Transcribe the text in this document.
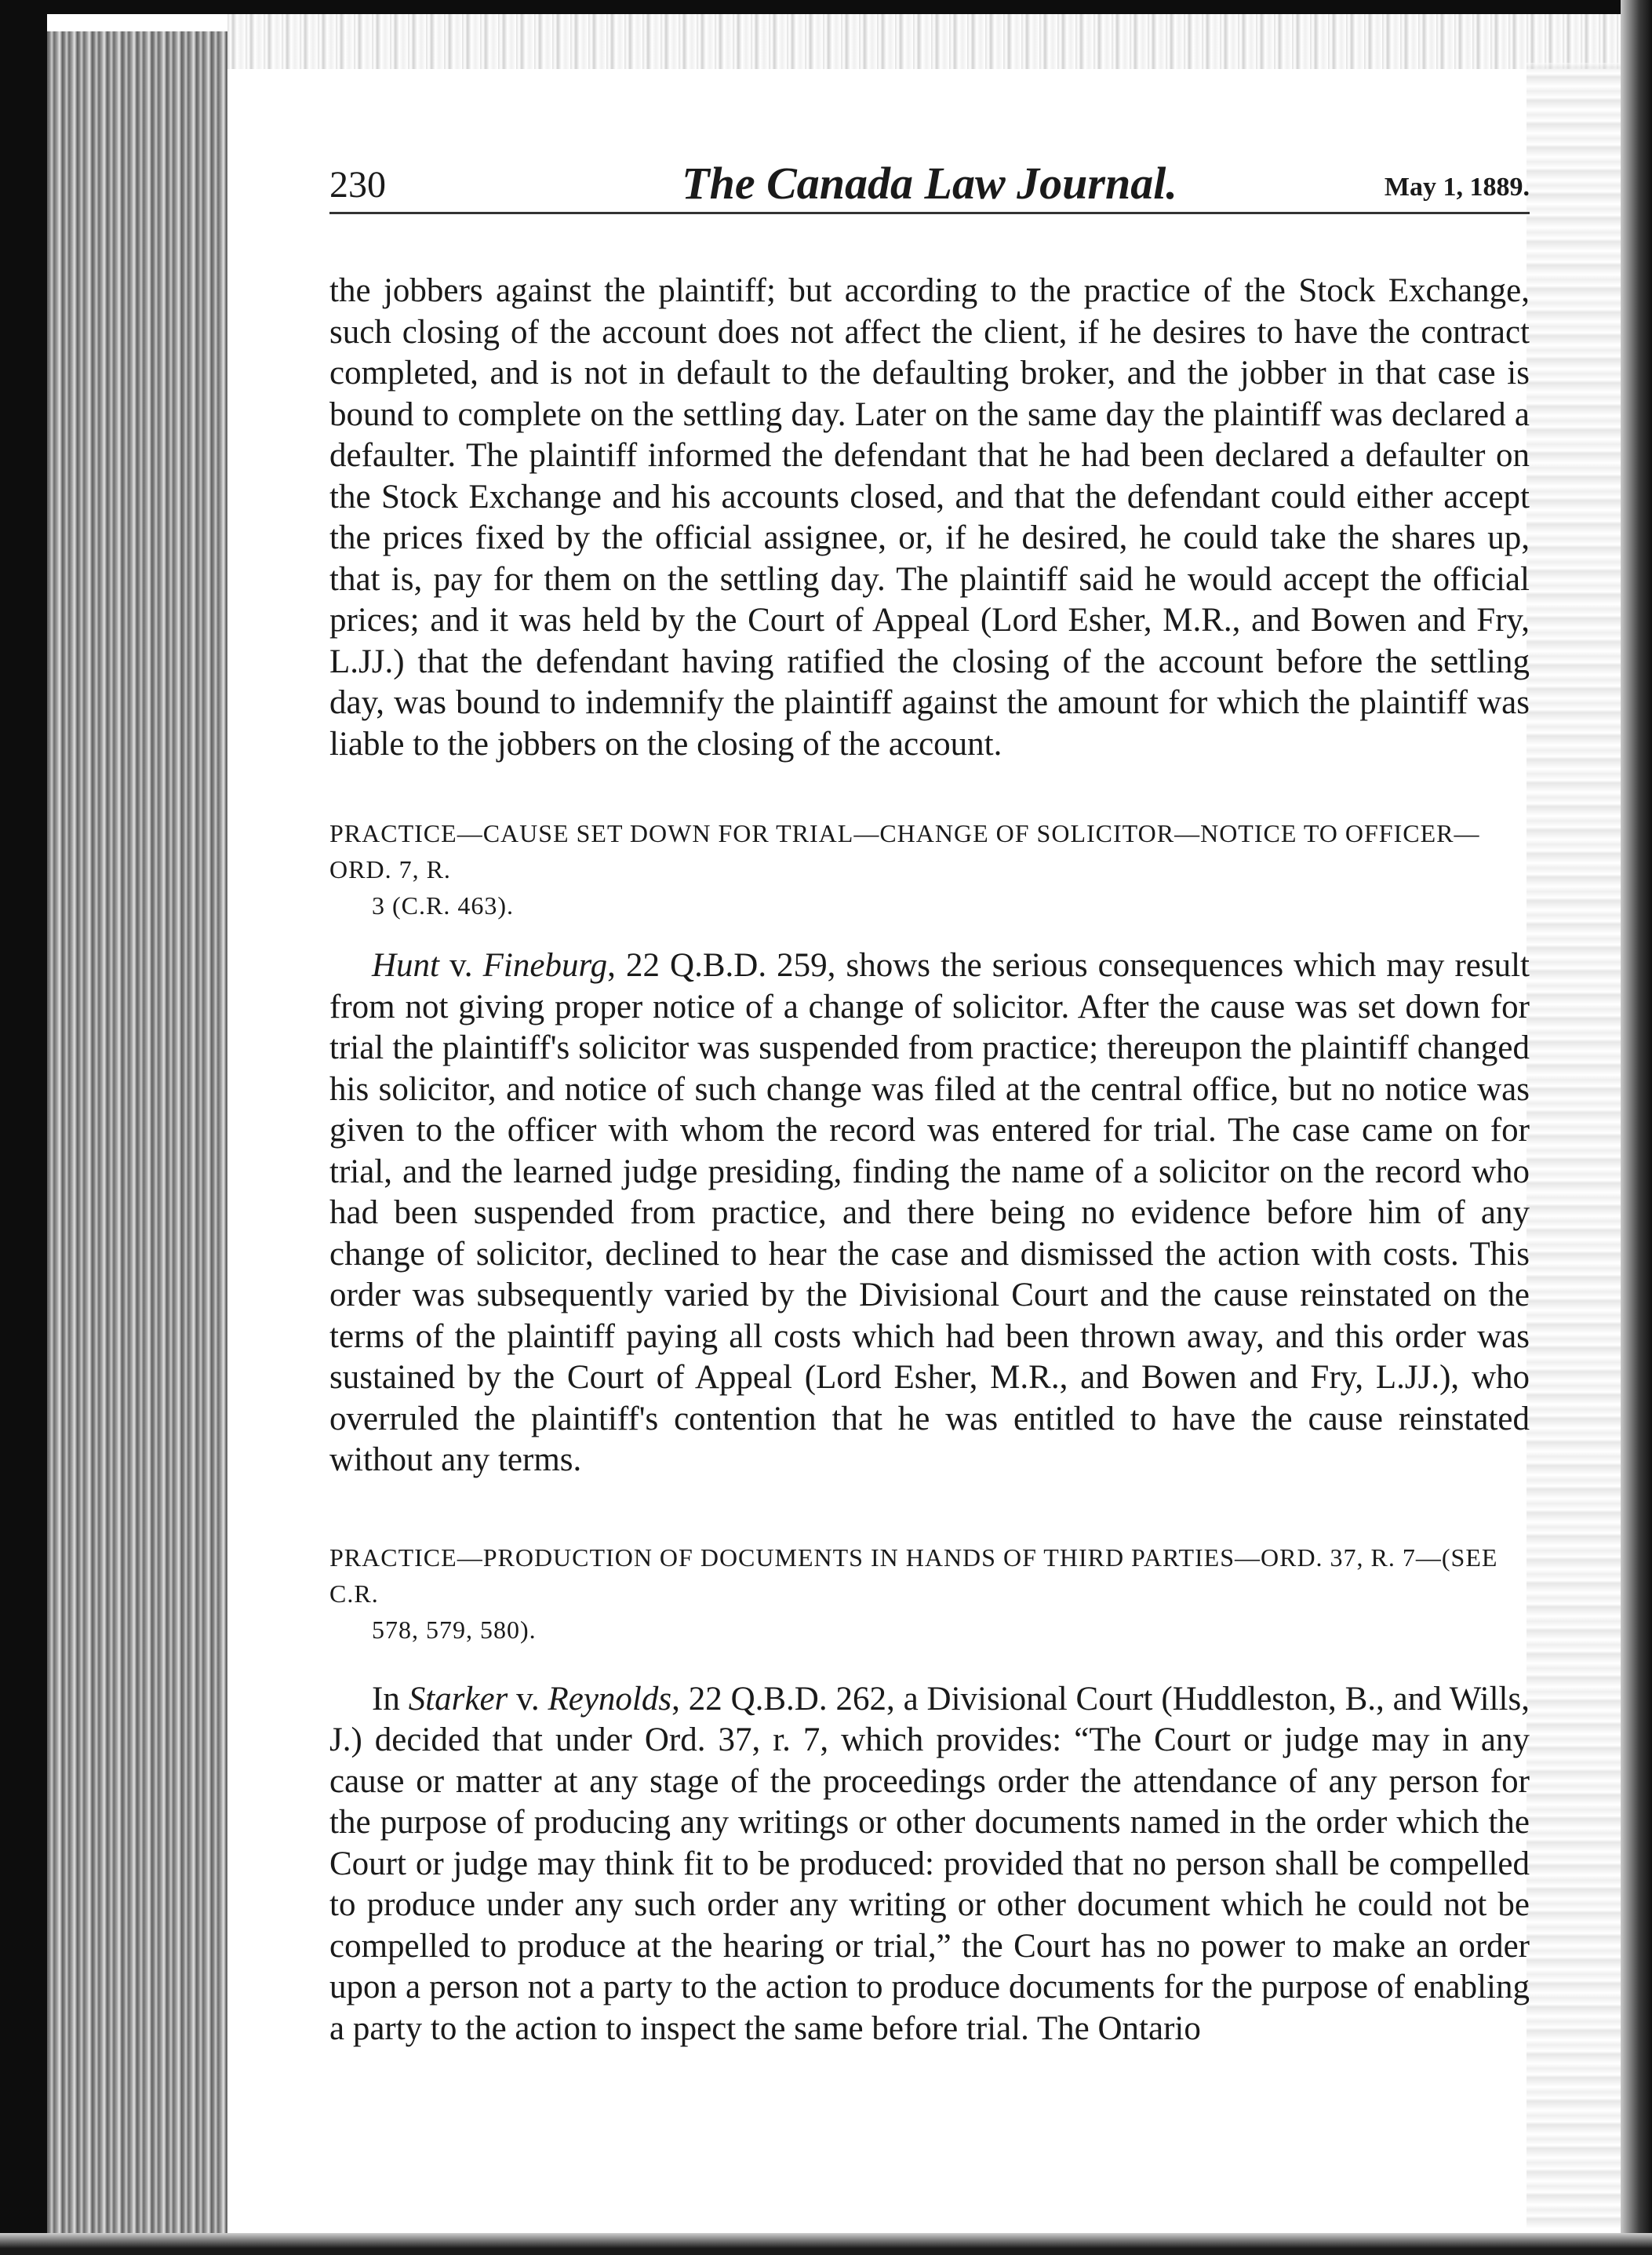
230	The Canada Law Journal.	May 1, 1889.

the jobbers against the plaintiff; but according to the practice of the Stock Exchange, such closing of the account does not affect the client, if he desires to have the contract completed, and is not in default to the defaulting broker, and the jobber in that case is bound to complete on the settling day. Later on the same day the plaintiff was declared a defaulter. The plaintiff informed the defendant that he had been declared a defaulter on the Stock Exchange and his accounts closed, and that the defendant could either accept the prices fixed by the official assignee, or, if he desired, he could take the shares up, that is, pay for them on the settling day. The plaintiff said he would accept the official prices; and it was held by the Court of Appeal (Lord Esher, M.R., and Bowen and Fry, L.JJ.) that the defendant having ratified the closing of the account before the settling day, was bound to indemnify the plaintiff against the amount for which the plaintiff was liable to the jobbers on the closing of the account.

PRACTICE—CAUSE SET DOWN FOR TRIAL—CHANGE OF SOLICITOR—NOTICE TO OFFICER—ORD. 7, R.
3 (C.R. 463).

Hunt v. Fineburg, 22 Q.B.D. 259, shows the serious consequences which may result from not giving proper notice of a change of solicitor. After the cause was set down for trial the plaintiff's solicitor was suspended from practice; thereupon the plaintiff changed his solicitor, and notice of such change was filed at the central office, but no notice was given to the officer with whom the record was entered for trial. The case came on for trial, and the learned judge presiding, finding the name of a solicitor on the record who had been suspended from practice, and there being no evidence before him of any change of solicitor, declined to hear the case and dismissed the action with costs. This order was subsequently varied by the Divisional Court and the cause reinstated on the terms of the plaintiff paying all costs which had been thrown away, and this order was sustained by the Court of Appeal (Lord Esher, M.R., and Bowen and Fry, L.JJ.), who overruled the plaintiff's contention that he was entitled to have the cause reinstated without any terms.

PRACTICE—PRODUCTION OF DOCUMENTS IN HANDS OF THIRD PARTIES—ORD. 37, R. 7—(SEE C.R.
578, 579, 580).

In Starker v. Reynolds, 22 Q.B.D. 262, a Divisional Court (Huddleston, B., and Wills, J.) decided that under Ord. 37, r. 7, which provides: “The Court or judge may in any cause or matter at any stage of the proceedings order the attendance of any person for the purpose of producing any writings or other documents named in the order which the Court or judge may think fit to be produced: provided that no person shall be compelled to produce under any such order any writing or other document which he could not be compelled to produce at the hearing or trial,” the Court has no power to make an order upon a person not a party to the action to produce documents for the purpose of enabling a party to the action to inspect the same before trial. The Ontario
